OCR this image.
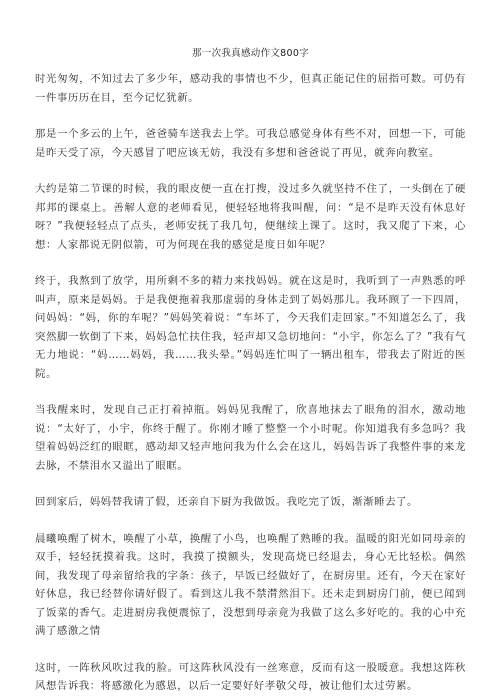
那一次我真感动作文800字

时光匆匆，不知过去了多少年，感动我的事情也不少，但真正能记住的屈指可数。可仍有一件事历历在目，至今记忆犹新。

那是一个多云的上午，爸爸骑车送我去上学。可我总感觉身体有些不对，回想一下，可能是昨天受了凉，今天感冒了吧应该无妨，我没有多想和爸爸说了再见，就奔向教室。

大约是第二节课的时候，我的眼皮便一直在打搜，没过多久就坚持不住了，一头倒在了硬邦邦的课桌上。善解人意的老师看见，便轻轻地将我叫醒，问：“是不是昨天没有休息好呀？”我便轻轻点了点头，老师安抚了我几句，便继续上课了。这时，我又爬了下来，心想：人家都说无阴似箭，可为何现在我的感觉是度日如年呢？

终于，我熬到了放学，用所剩不多的精力来找妈妈。就在这是时，我听到了一声熟悉的呼叫声，原来是妈妈。于是我便拖着我那虚弱的身体走到了妈妈那儿。我环顾了一下四周，问妈妈：“妈，你的车呢？”妈妈笑着说：“车坏了，今天我们走回家。”不知道怎么了，我突然脚一软倒了下来，妈妈急忙扶住我，轻声却又急切地问：“小宇，你怎么了？”我有气无力地说：“妈……妈妈，我……我头晕。”妈妈连忙叫了一辆出租车，带我去了附近的医院。

当我醒来时，发现自己正打着掉瓶。妈妈见我醒了，欣喜地抹去了眼角的泪水，激动地说：“太好了，小宇，你终于醒了。你刚才睡了整整一个小时呢。你知道我有多急吗？我望着妈妈泛红的眼眶，感动却又轻声地问我为什么会在这儿，妈妈告诉了我整件事的来龙去脉，不禁泪水又溢出了眼眶。

回到家后，妈妈替我请了假，还亲自下厨为我做饭。我吃完了饭，渐渐睡去了。

晨曦唤醒了树木，唤醒了小草，换醒了小鸟，也唤醒了熟睡的我。温暖的阳光如同母亲的双手，轻轻抚摸着我。这时，我摸了摸额头，发现高烧已经退去，身心无比轻松。偶然间，我发现了母亲留给我的字条：孩子，早饭已经做好了，在厨房里。还有，今天在家好好休息，我已经替你请好假了。看到这儿我不禁潸然泪下。还未走到厨房门前，便已闻到了饭菜的香气。走进厨房我便震惊了，没想到母亲竟为我做了这么多好吃的。我的心中充满了感激之情

这时，一阵秋风吹过我的脸。可这阵秋风没有一丝寒意，反而有这一股暖意。我想这阵秋风想告诉我：将感激化为感恩，以后一定要好好孝敬父母，被让他们太过劳累。
